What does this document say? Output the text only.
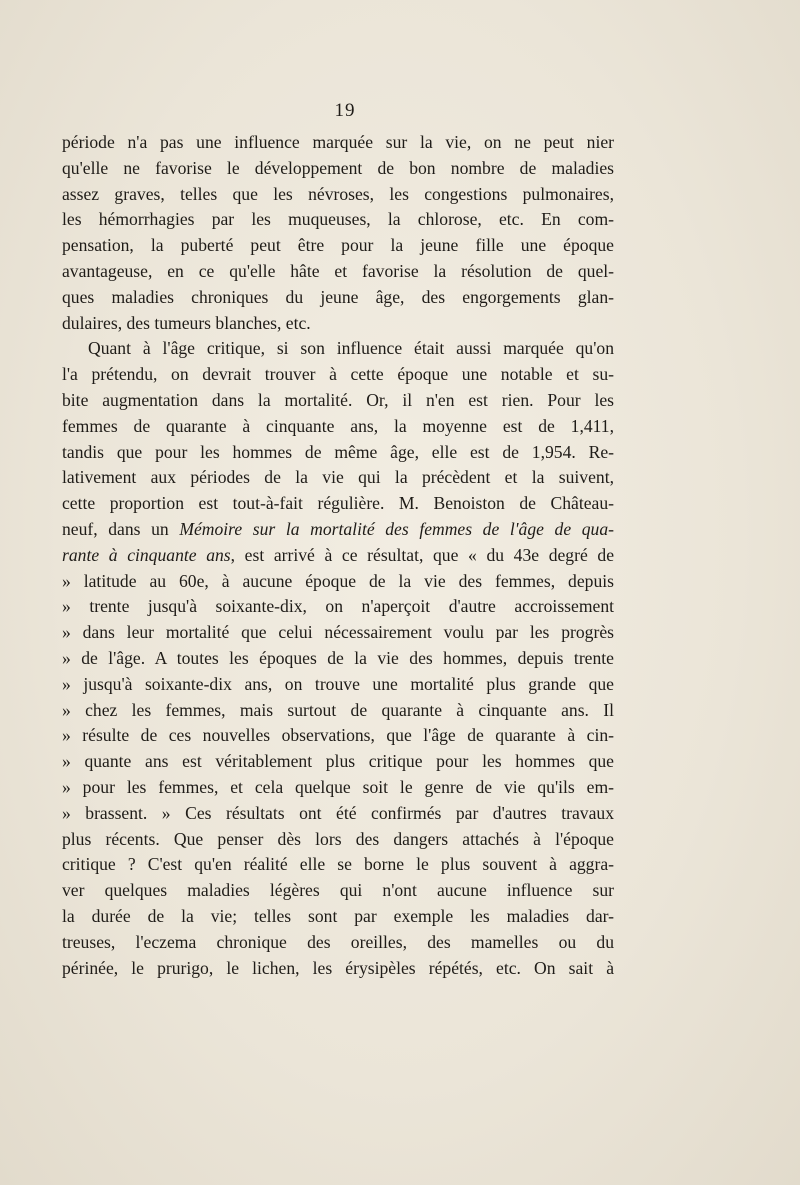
19
période n'a pas une influence marquée sur la vie, on ne peut nier
qu'elle ne favorise le développement de bon nombre de maladies
assez graves, telles que les névroses, les congestions pulmonaires,
les hémorrhagies par les muqueuses, la chlorose, etc. En com-
pensation, la puberté peut être pour la jeune fille une époque
avantageuse, en ce qu'elle hâte et favorise la résolution de quel-
ques maladies chroniques du jeune âge, des engorgements glan-
dulaires, des tumeurs blanches, etc.
Quant à l'âge critique, si son influence était aussi marquée qu'on
l'a prétendu, on devrait trouver à cette époque une notable et su-
bite augmentation dans la mortalité. Or, il n'en est rien. Pour les
femmes de quarante à cinquante ans, la moyenne est de 1,411,
tandis que pour les hommes de même âge, elle est de 1,954. Re-
lativement aux périodes de la vie qui la précèdent et la suivent,
cette proportion est tout-à-fait régulière. M. Benoiston de Château-
neuf, dans un Mémoire sur la mortalité des femmes de l'âge de qua-
rante à cinquante ans, est arrivé à ce résultat, que « du 43e degré de
» latitude au 60e, à aucune époque de la vie des femmes, depuis
» trente jusqu'à soixante-dix, on n'aperçoit d'autre accroissement
» dans leur mortalité que celui nécessairement voulu par les progrès
» de l'âge. A toutes les époques de la vie des hommes, depuis trente
» jusqu'à soixante-dix ans, on trouve une mortalité plus grande que
» chez les femmes, mais surtout de quarante à cinquante ans. Il
» résulte de ces nouvelles observations, que l'âge de quarante à cin-
» quante ans est véritablement plus critique pour les hommes que
» pour les femmes, et cela quelque soit le genre de vie qu'ils em-
» brassent. » Ces résultats ont été confirmés par d'autres travaux
plus récents. Que penser dès lors des dangers attachés à l'époque
critique ? C'est qu'en réalité elle se borne le plus souvent à aggra-
ver quelques maladies légères qui n'ont aucune influence sur
la durée de la vie; telles sont par exemple les maladies dar-
treuses, l'eczema chronique des oreilles, des mamelles ou du
périnée, le prurigo, le lichen, les érysipèles répétés, etc. On sait à
